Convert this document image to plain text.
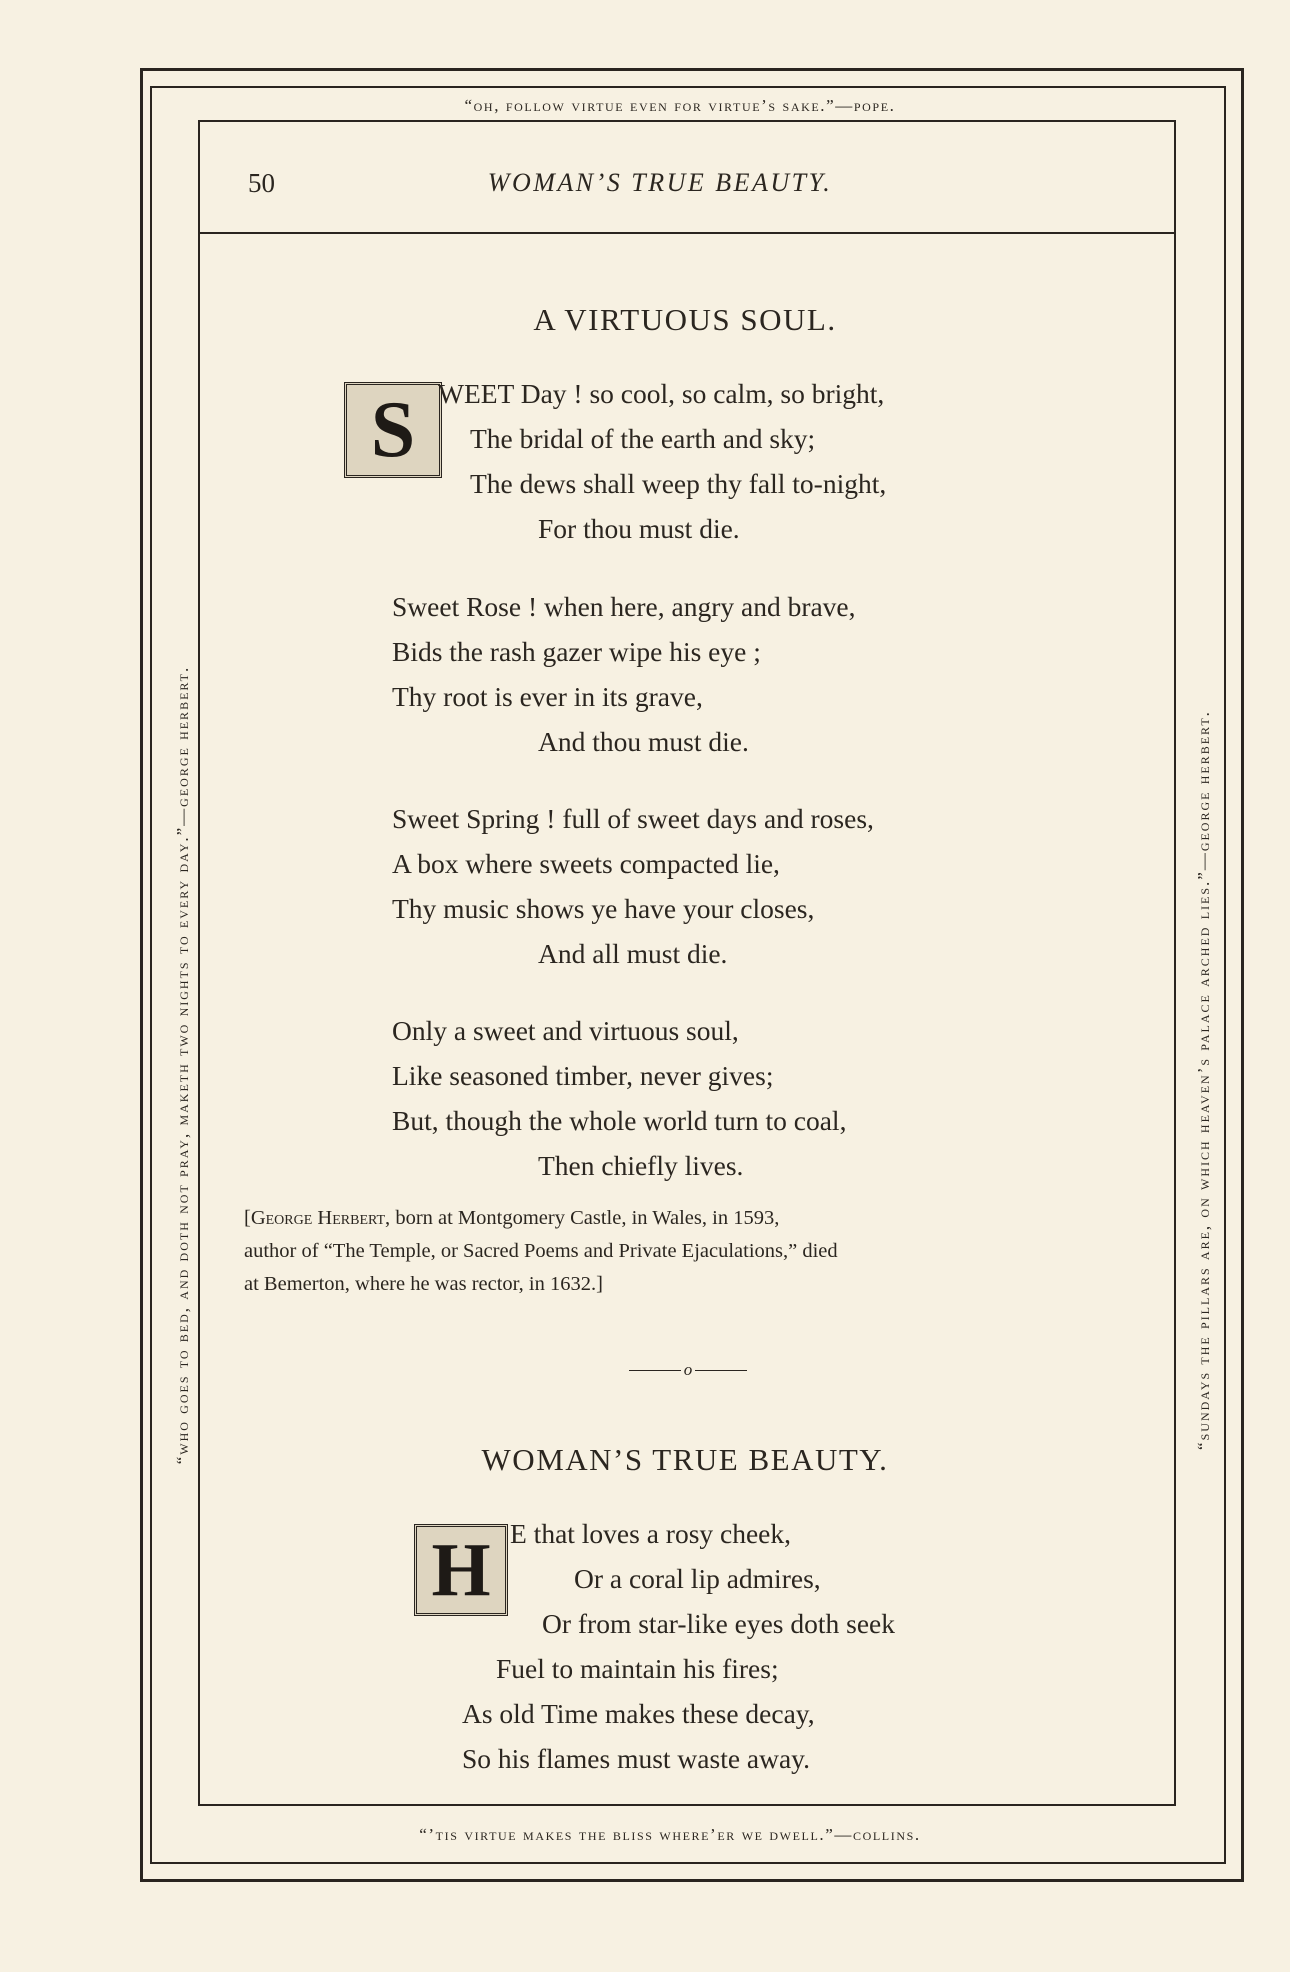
“oh, follow virtue even for virtue’s sake.”—pope.
“’tis virtue makes the bliss where’er we dwell.”—collins.
“who goes to bed, and doth not pray, maketh two nights to every day.”—george herbert.	“sundays the pillars are, on which heaven’s palace arched lies.”—george herbert.
50	WOMAN’S TRUE BEAUTY.
A VIRTUOUS SOUL.
S WEET Day ! so cool, so calm, so bright,
The bridal of the earth and sky;
The dews shall weep thy fall to-night,
For thou must die.
Sweet Rose ! when here, angry and brave,
Bids the rash gazer wipe his eye ;
Thy root is ever in its grave,
And thou must die.
Sweet Spring ! full of sweet days and roses,
A box where sweets compacted lie,
Thy music shows ye have your closes,
And all must die.
Only a sweet and virtuous soul,
Like seasoned timber, never gives;
But, though the whole world turn to coal,
Then chiefly lives.
[George Herbert, born at Montgomery Castle, in Wales, in 1593,
author of “The Temple, or Sacred Poems and Private Ejaculations,” died
at Bemerton, where he was rector, in 1632.]
o
WOMAN’S TRUE BEAUTY.
H E that loves a rosy cheek,
Or a coral lip admires,
Or from star-like eyes doth seek
Fuel to maintain his fires;
As old Time makes these decay,
So his flames must waste away.
